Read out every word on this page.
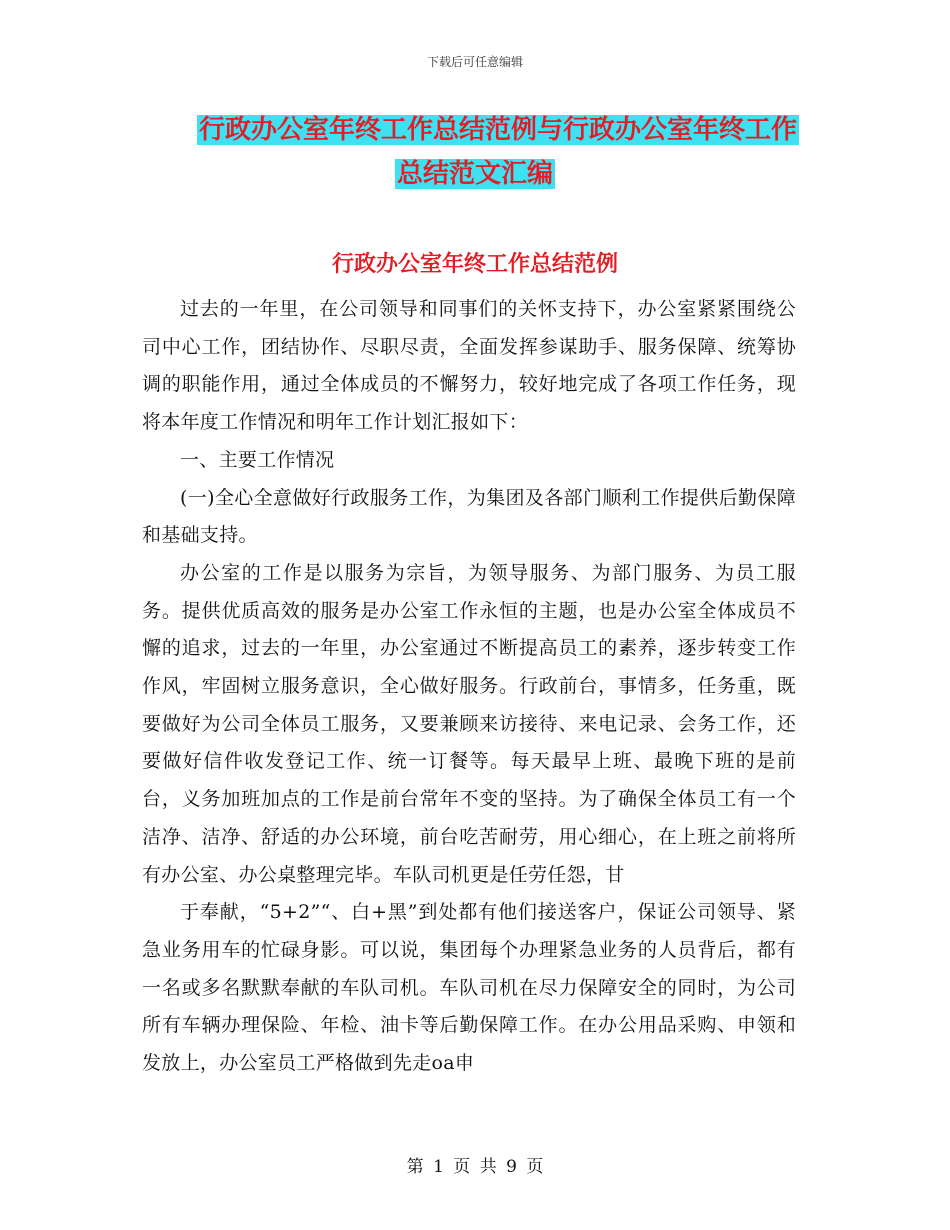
下载后可任意编辑
行政办公室年终工作总结范例与行政办公室年终工作
总结范文汇编
行政办公室年终工作总结范例

过去的一年里，在公司领导和同事们的关怀支持下，办公室紧紧围绕公司中心工作，团结协作、尽职尽责，全面发挥参谋助手、服务保障、统筹协调的职能作用，通过全体成员的不懈努力，较好地完成了各项工作任务，现将本年度工作情况和明年工作计划汇报如下：

一、主要工作情况

(一)全心全意做好行政服务工作，为集团及各部门顺利工作提供后勤保障和基础支持。

办公室的工作是以服务为宗旨，为领导服务、为部门服务、为员工服务。提供优质高效的服务是办公室工作永恒的主题，也是办公室全体成员不懈的追求，过去的一年里，办公室通过不断提高员工的素养，逐步转变工作作风，牢固树立服务意识，全心做好服务。行政前台，事情多，任务重，既要做好为公司全体员工服务，又要兼顾来访接待、来电记录、会务工作，还要做好信件收发登记工作、统一订餐等。每天最早上班、最晚下班的是前台，义务加班加点的工作是前台常年不变的坚持。为了确保全体员工有一个洁净、洁净、舒适的办公环境，前台吃苦耐劳，用心细心，在上班之前将所有办公室、办公桌整理完毕。车队司机更是任劳任怨，甘

于奉献，“5+2”“、白+黑”到处都有他们接送客户，保证公司领导、紧急业务用车的忙碌身影。可以说，集团每个办理紧急业务的人员背后，都有一名或多名默默奉献的车队司机。车队司机在尽力保障安全的同时，为公司所有车辆办理保险、年检、油卡等后勤保障工作。在办公用品采购、申领和发放上，办公室员工严格做到先走oa申

第 1 页 共 9 页
